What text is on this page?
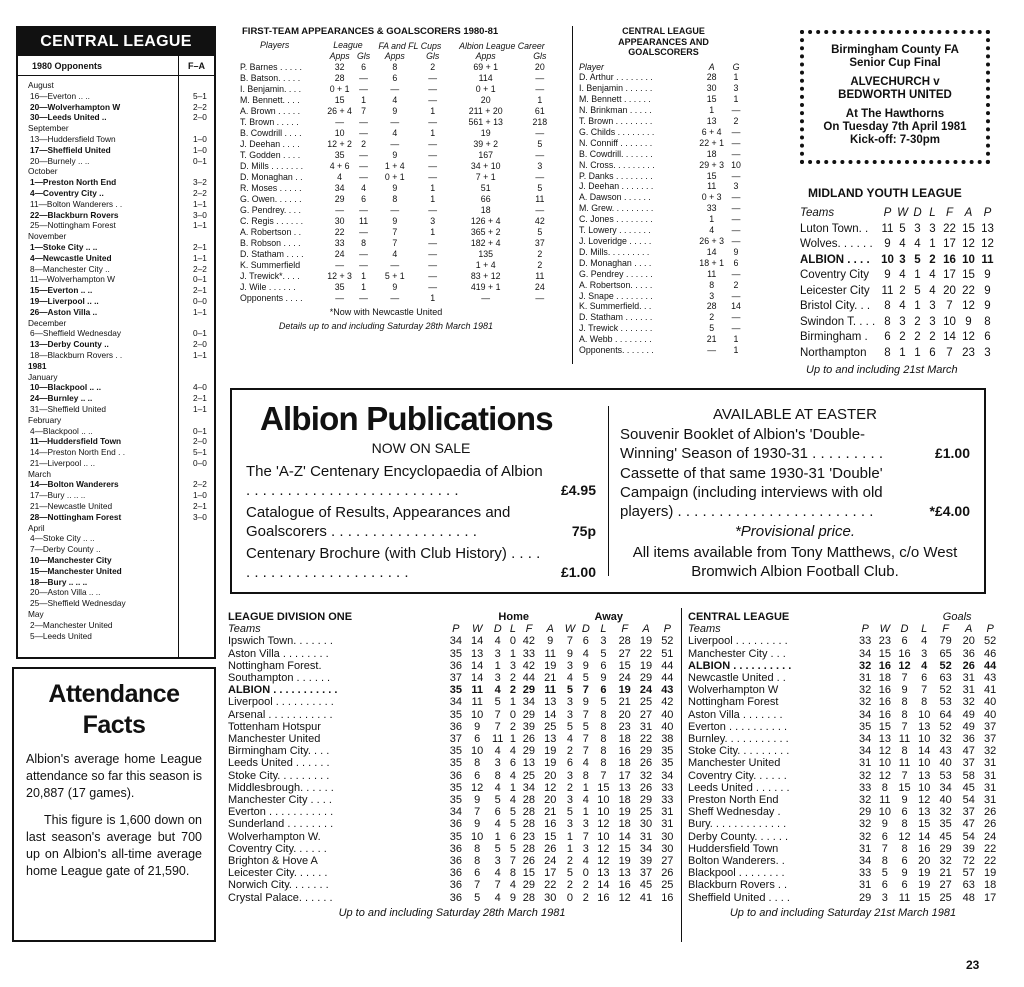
CENTRAL LEAGUE
1980 Opponents	F–A
August
16—Everton .. ..	5–1
20—Wolverhampton W	2–2
30—Leeds United ..	2–0
September
13—Huddersfield Town	1–0
17—Sheffield United	1–0
20—Burnely .. ..	0–1
October
1—Preston North End	3–2
4—Coventry City ..	2–2
11—Bolton Wanderers . .	1–1
22—Blackburn Rovers	3–0
25—Nottingham Forest	1–1
November
1—Stoke City .. ..	2–1
4—Newcastle United	1–1
8—Manchester City ..	2–2
11—Wolverhampton W	0–1
15—Everton .. ..	2–1
19—Liverpool .. ..	0–0
26—Aston Villa ..	1–1
December
6—Sheffield Wednesday	0–1
13—Derby County ..	2–0
18—Blackburn Rovers . .	1–1
1981
January
10—Blackpool .. ..	4–0
24—Burnley .. ..	2–1
31—Sheffield United	1–1
February
4—Blackpool .. ..	0–1
11—Huddersfield Town	2–0
14—Preston North End . .	5–1
21—Liverpool .. ..	0–0
March
14—Bolton Wanderers	2–2
17—Bury .. .. ..	1–0
21—Newcastle United	2–1
28—Nottingham Forest	3–0
April
4—Stoke City .. ..
7—Derby County ..
10—Manchester City
15—Manchester United
18—Bury .. .. ..
20—Aston Villa .. ..
25—Sheffield Wednesday
May
2—Manchester United
5—Leeds United
Attendance
Facts

Albion's average home League attendance so far this season is 20,887 (17 games).

This figure is 1,600 down on last season's average but 700 up on Albion's all-time average home League gate of 21,590.

FIRST-TEAM APPEARANCES & GOALSCORERS 1980-81
Players	League		FA and FL Cups		Albion League Career	
	Apps	Gls	Apps	Gls	Apps	Gls
P. Barnes . . . . .	32	6	8	2	69 + 1	20
B. Batson. . . . .	28	—	6	—	114	—
I. Benjamin. . . .	0 + 1	—	—	—	0 + 1	—
M. Bennett. . . .	15	1	4	—	20	1
A. Brown . . . . .	26 + 4	7	9	1	211 + 20	61
T. Brown . . . . .	—	—	—	—	561 + 13	218
B. Cowdrill . . . .	10	—	4	1	19	—
J. Deehan . . . .	12 + 2	2	—	—	39 + 2	5
T. Godden . . . .	35	—	9	—	167	—
D. Mills . . . . . . .	4 + 6	—	1 + 4	—	34 + 10	3
D. Monaghan . .	4	—	0 + 1	—	7 + 1	—
R. Moses . . . . .	34	4	9	1	51	5
G. Owen. . . . . .	29	6	8	1	66	11
G. Pendrey. . . .	—	—	—	—	18	—
C. Regis . . . . . .	30	11	9	3	126 + 4	42
A. Robertson . .	22	—	7	1	365 + 2	5
B. Robson . . . .	33	8	7	—	182 + 4	37
D. Statham . . . .	24	—	4	—	135	2
K. Summerfield	—	—	—	—	1 + 4	2
J. Trewick*. . . .	12 + 3	1	5 + 1	—	83 + 12	11
J. Wile . . . . . .	35	1	9	—	419 + 1	24
Opponents . . . .	—	—	—	1	—	—
*Now with Newcastle United
Details up to and including Saturday 28th March 1981
CENTRAL LEAGUE APPEARANCES AND GOALSCORERS
Player	A	G
D. Arthur . . . . . . . .	28	1
I. Benjamin . . . . . .	30	3
M. Bennett . . . . . .	15	1
N. Brinkman . . . . .	1	—
T. Brown . . . . . . . .	13	2
G. Childs . . . . . . . .	6 + 4	—
N. Conniff . . . . . . .	22 + 1	—
B. Cowdrill. . . . . . .	18	—
N. Cross. . . . . . . . .	29 + 3	10
P. Danks . . . . . . . .	15	—
J. Deehan . . . . . . .	11	3
A. Dawson . . . . . .	0 + 3	—
M. Grew. . . . . . . . .	33	—
C. Jones . . . . . . . .	1	—
T. Lowery . . . . . . .	4	—
J. Loveridge . . . . .	26 + 3	—
D. Mills. . . . . . . . .	14	9
D. Monaghan . . . .	18 + 1	6
G. Pendrey . . . . . .	11	—
A. Robertson. . . . .	8	2
J. Snape . . . . . . . .	3	—
K. Summerfield. . .	28	14
D. Statham . . . . . .	2	—
J. Trewick . . . . . . .	5	—
A. Webb . . . . . . . .	21	1
Opponents. . . . . . .	—	1
Birmingham County FA
Senior Cup Final
ALVECHURCH v
BEDWORTH UNITED
At The Hawthorns
On Tuesday 7th April 1981
Kick-off: 7-30pm
MIDLAND YOUTH LEAGUE
Teams	P	W	D	L	F	A	P
Luton Town. .	11	5	3	3	22	15	13
Wolves. . . . . .	9	4	4	1	17	12	12
ALBION . . . .	10	3	5	2	16	10	11
Coventry City	9	4	1	4	17	15	9
Leicester City	11	2	5	4	20	22	9
Bristol City. . .	8	4	1	3	7	12	9
Swindon T. . . .	8	3	2	3	10	9	8
Birmingham .	6	2	2	2	14	12	6
Northampton	8	1	1	6	7	23	3
Up to and including 21st March
Albion Publications
NOW ON SALE
The 'A-Z' Centenary Encyclopaedia of Albion . . . . . . . . . . . . . . . . . . . . . . . . . .	£4.95
Catalogue of Results, Appearances and Goalscorers . . . . . . . . . . . . . . . . . .	75p
Centenary Brochure (with Club History) . . . . . . . . . . . . . . . . . . . . . . . .	£1.00
AVAILABLE AT EASTER
Souvenir Booklet of Albion's 'Double-Winning' Season of 1930-31 . . . . . . . . .	£1.00
Cassette of that same 1930-31 'Double' Campaign (including interviews with old players) . . . . . . . . . . . . . . . . . . . . . . . .	*£4.00
*Provisional price.
All items available from Tony Matthews, c/o West Bromwich Albion Football Club.
LEAGUE DIVISION ONE		Home					Away					
Teams	P	W	D	L	F	A	W	D	L	F	A	P
Ipswich Town. . . . . . .	34	14	4	0	42	9	7	6	3	28	19	52
Aston Villa . . . . . . . .	35	13	3	1	33	11	9	4	5	27	22	51
Nottingham Forest.	36	14	1	3	42	19	3	9	6	15	19	44
Southampton . . . . . .	37	14	3	2	44	21	4	5	9	24	29	44
ALBION . . . . . . . . . . .	35	11	4	2	29	11	5	7	6	19	24	43
Liverpool . . . . . . . . . .	34	11	5	1	34	13	3	9	5	21	25	42
Arsenal . . . . . . . . . . .	35	10	7	0	29	14	3	7	8	20	27	40
Tottenham Hotspur	36	9	7	2	39	25	5	5	8	23	31	40
Manchester United	37	6	11	1	26	13	4	7	8	18	22	38
Birmingham City. . . .	35	10	4	4	29	19	2	7	8	16	29	35
Leeds United . . . . . .	35	8	3	6	13	19	6	4	8	18	26	35
Stoke City. . . . . . . . .	36	6	8	4	25	20	3	8	7	17	32	34
Middlesbrough. . . . . .	35	12	4	1	34	12	2	1	15	13	26	33
Manchester City . . . .	35	9	5	4	28	20	3	4	10	18	29	33
Everton . . . . . . . . . . .	34	7	6	5	28	21	5	1	10	19	25	31
Sunderland . . . . . . . .	36	9	4	5	28	16	3	3	12	18	30	31
Wolverhampton W.	35	10	1	6	23	15	1	7	10	14	31	30
Coventry City. . . . . .	36	8	5	5	28	26	1	3	12	15	34	30
Brighton & Hove A	36	8	3	7	26	24	2	4	12	19	39	27
Leicester City. . . . . .	36	6	4	8	15	17	5	0	13	13	37	26
Norwich City. . . . . . .	36	7	7	4	29	22	2	2	14	16	45	25
Crystal Palace. . . . . .	36	5	4	9	28	30	0	2	16	12	41	16
Up to and including Saturday 28th March 1981
CENTRAL LEAGUE					Goals		
Teams	P	W	D	L	F	A	P
Liverpool . . . . . . . . .	33	23	6	4	79	20	52
Manchester City . . .	34	15	16	3	65	36	46
ALBION . . . . . . . . . .	32	16	12	4	52	26	44
Newcastle United . .	31	18	7	6	63	31	43
Wolverhampton W	32	16	9	7	52	31	41
Nottingham Forest	32	16	8	8	53	32	40
Aston Villa . . . . . . .	34	16	8	10	64	49	40
Everton . . . . . . . . . .	35	15	7	13	52	49	37
Burnley. . . . . . . . . . .	34	13	11	10	32	36	37
Stoke City. . . . . . . . .	34	12	8	14	43	47	32
Manchester United	31	10	11	10	40	37	31
Coventry City. . . . . .	32	12	7	13	53	58	31
Leeds United . . . . . .	33	8	15	10	34	45	31
Preston North End	32	11	9	12	40	54	31
Sheff Wednesday .	29	10	6	13	32	37	26
Bury. . . . . . . . . . . . .	32	9	8	15	35	47	26
Derby County. . . . . .	32	6	12	14	45	54	24
Huddersfield Town	31	7	8	16	29	39	22
Bolton Wanderers. .	34	8	6	20	32	72	22
Blackpool . . . . . . . .	33	5	9	19	21	57	19
Blackburn Rovers . .	31	6	6	19	27	63	18
Sheffield United . . . .	29	3	11	15	25	48	17
Up to and including Saturday 21st March 1981
23
